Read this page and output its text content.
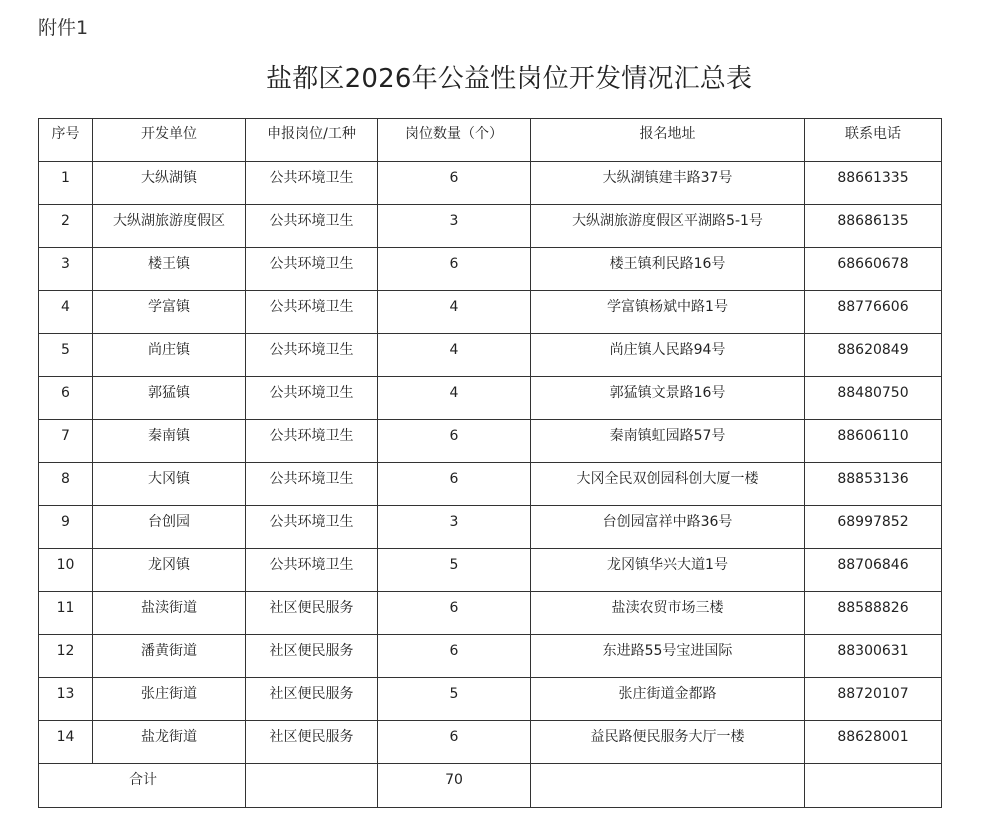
附件1
盐都区2026年公益性岗位开发情况汇总表
序号	开发单位	申报岗位/工种	岗位数量（个）	报名地址	联系电话
1	大纵湖镇	公共环境卫生	6	大纵湖镇建丰路37号	88661335
2	大纵湖旅游度假区	公共环境卫生	3	大纵湖旅游度假区平湖路5-1号	88686135
3	楼王镇	公共环境卫生	6	楼王镇利民路16号	68660678
4	学富镇	公共环境卫生	4	学富镇杨斌中路1号	88776606
5	尚庄镇	公共环境卫生	4	尚庄镇人民路94号	88620849
6	郭猛镇	公共环境卫生	4	郭猛镇文景路16号	88480750
7	秦南镇	公共环境卫生	6	秦南镇虹园路57号	88606110
8	大冈镇	公共环境卫生	6	大冈全民双创园科创大厦一楼	88853136
9	台创园	公共环境卫生	3	台创园富祥中路36号	68997852
10	龙冈镇	公共环境卫生	5	龙冈镇华兴大道1号	88706846
11	盐渎街道	社区便民服务	6	盐渎农贸市场三楼	88588826
12	潘黄街道	社区便民服务	6	东进路55号宝进国际	88300631
13	张庄街道	社区便民服务	5	张庄街道金都路	88720107
14	盐龙街道	社区便民服务	6	益民路便民服务大厅一楼	88628001
合计			70		
